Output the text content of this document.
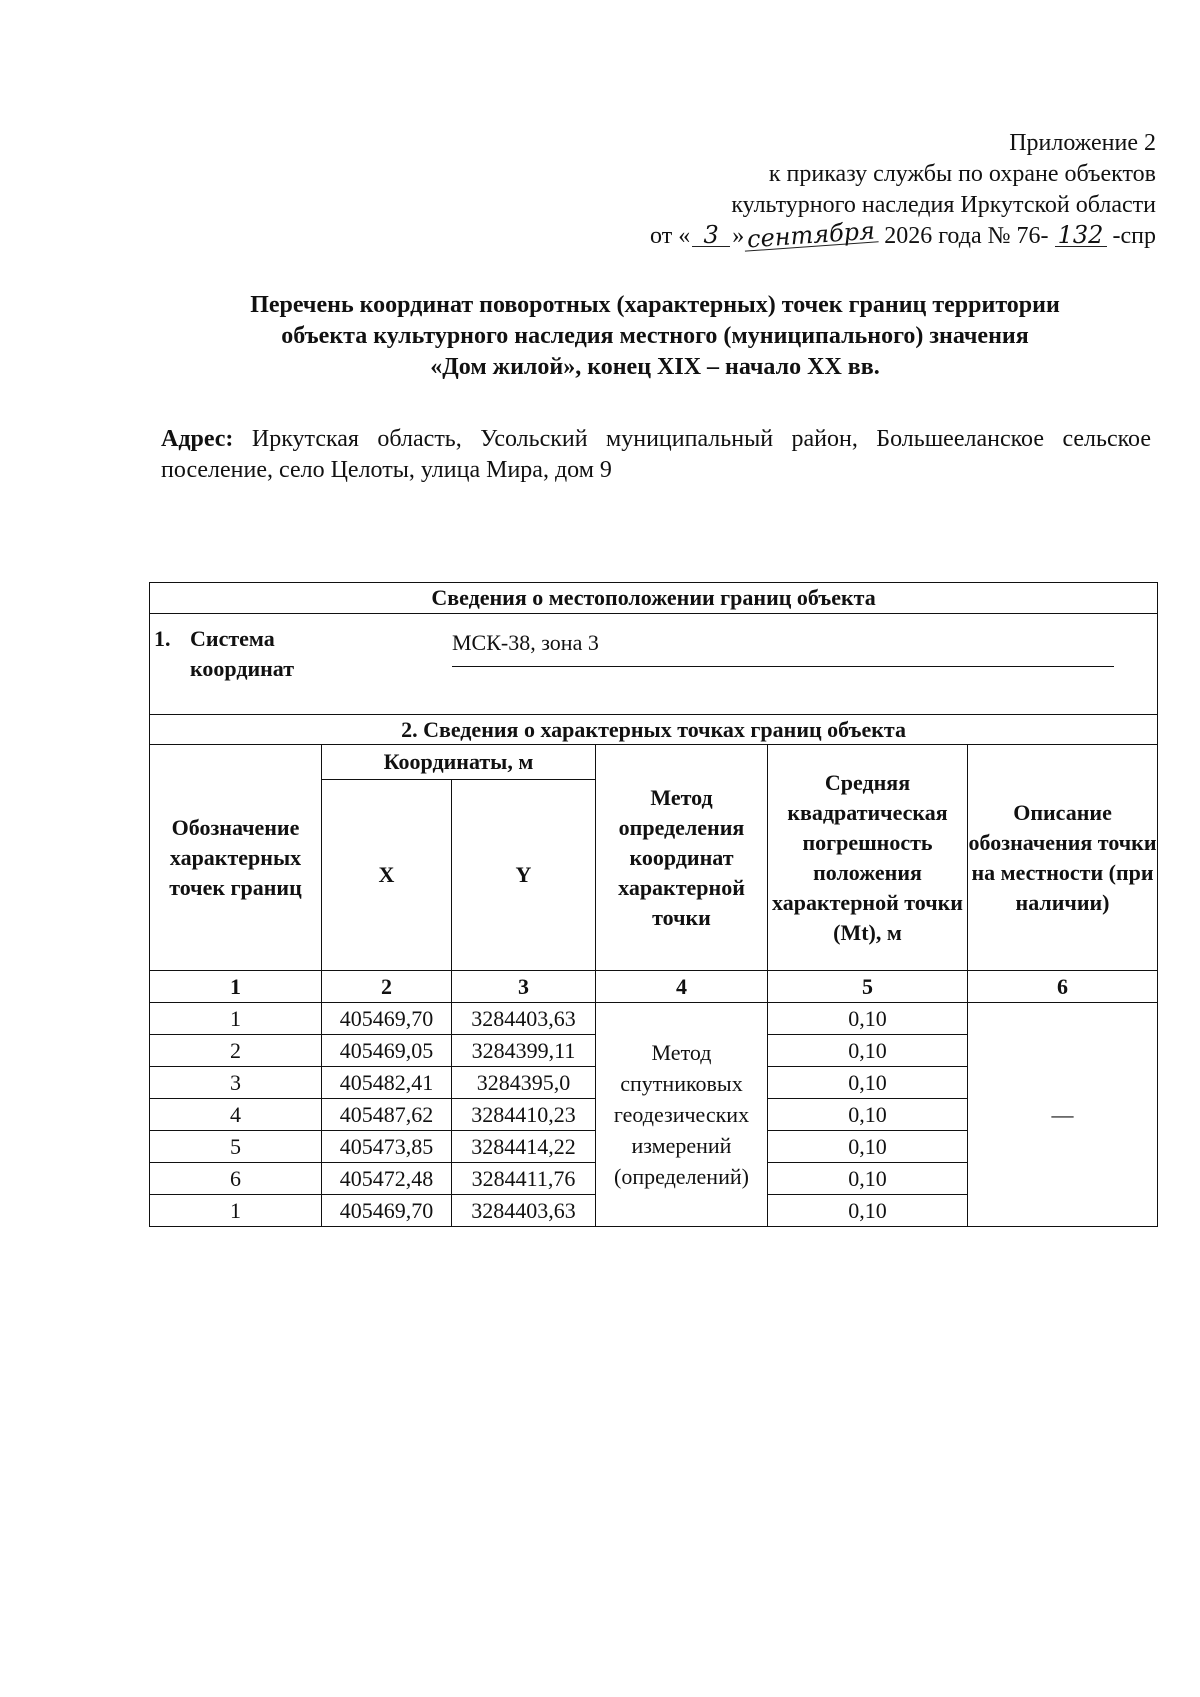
Приложение 2
к приказу службы по охране объектов
культурного наследия Иркутской области
от « 3 »сентября 2026 года № 76- 132 -спр
Перечень координат поворотных (характерных) точек границ территории
объекта культурного наследия местного (муниципального) значения
«Дом жилой», конец XIX – начало XX вв.
Адрес: Иркутская область, Усольский муниципальный район, Большееланское сельское поселение, село Целоты, улица Мира, дом 9
Сведения о местоположении границ объекта					

1. Система
координат
МСК-38, зона 3					

2. Сведения о характерных точках границ объекта					
Обозначение характерных точек границ	Координаты, м		Метод определения координат характерной точки	Средняя квадратическая погрешность положения характерной точки (Mt), м	Описание обозначения точки на местности (при наличии)
	X	Y			
1	2	3	4	5	6
1	405469,70	3284403,63	Метод спутниковых геодезических измерений (определений)	0,10	—
2	405469,05	3284399,11		0,10	
3	405482,41	3284395,0		0,10	
4	405487,62	3284410,23		0,10	
5	405473,85	3284414,22		0,10	
6	405472,48	3284411,76		0,10	
1	405469,70	3284403,63		0,10	
